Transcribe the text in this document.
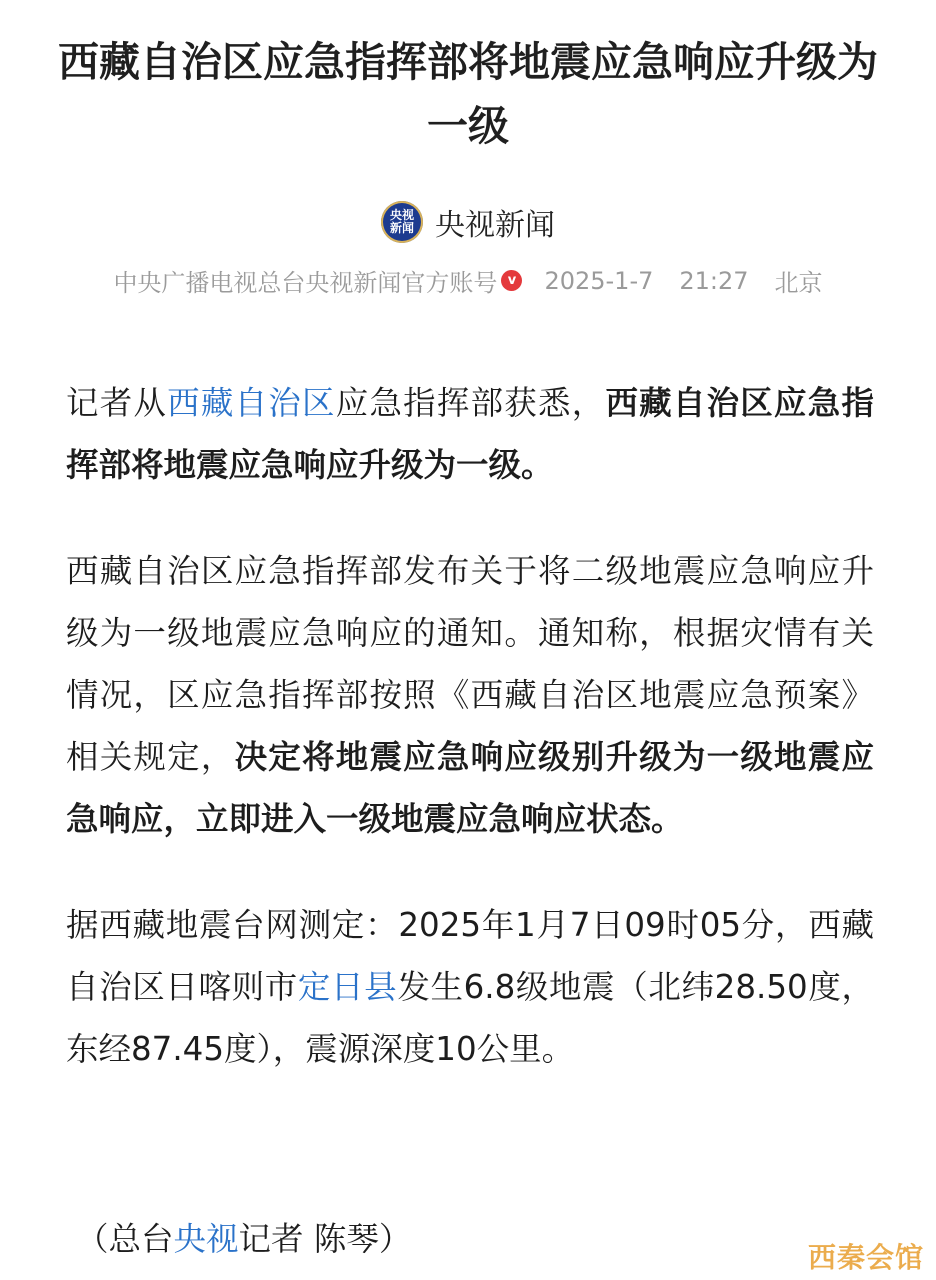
西藏自治区应急指挥部将地震应急响应升级为一级
央视
新闻 央视新闻
中央广播电视总台央视新闻官方账号 v 2025-1-7 21:27 北京

记者从西藏自治区应急指挥部获悉，西藏自治区应急指挥部将地震应急响应升级为一级。

西藏自治区应急指挥部发布关于将二级地震应急响应升级为一级地震应急响应的通知。通知称，根据灾情有关情况，区应急指挥部按照《西藏自治区地震应急预案》相关规定，决定将地震应急响应级别升级为一级地震应急响应，立即进入一级地震应急响应状态。

据西藏地震台网测定：2025年1月7日09时05分，西藏自治区日喀则市定日县发生6.8级地震（北纬28.50度，东经87.45度），震源深度10公里。

（总台央视记者 陈琴）	西秦会馆
